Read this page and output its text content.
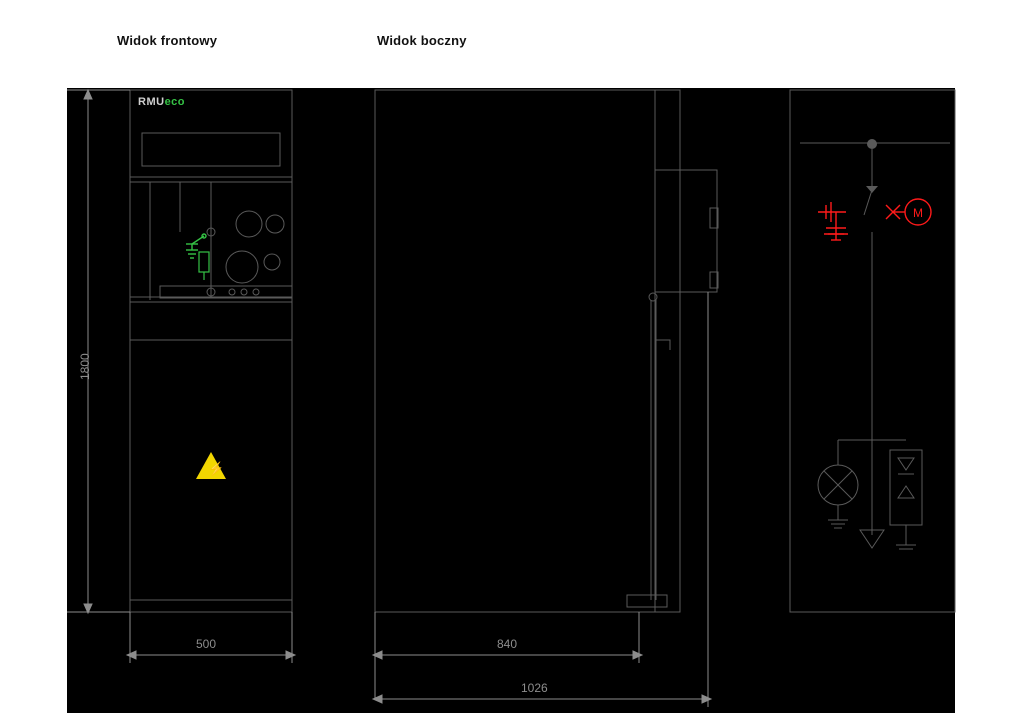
Widok frontowy	Widok boczny
M
RMUeco
⚡
1800
500	840
1026
